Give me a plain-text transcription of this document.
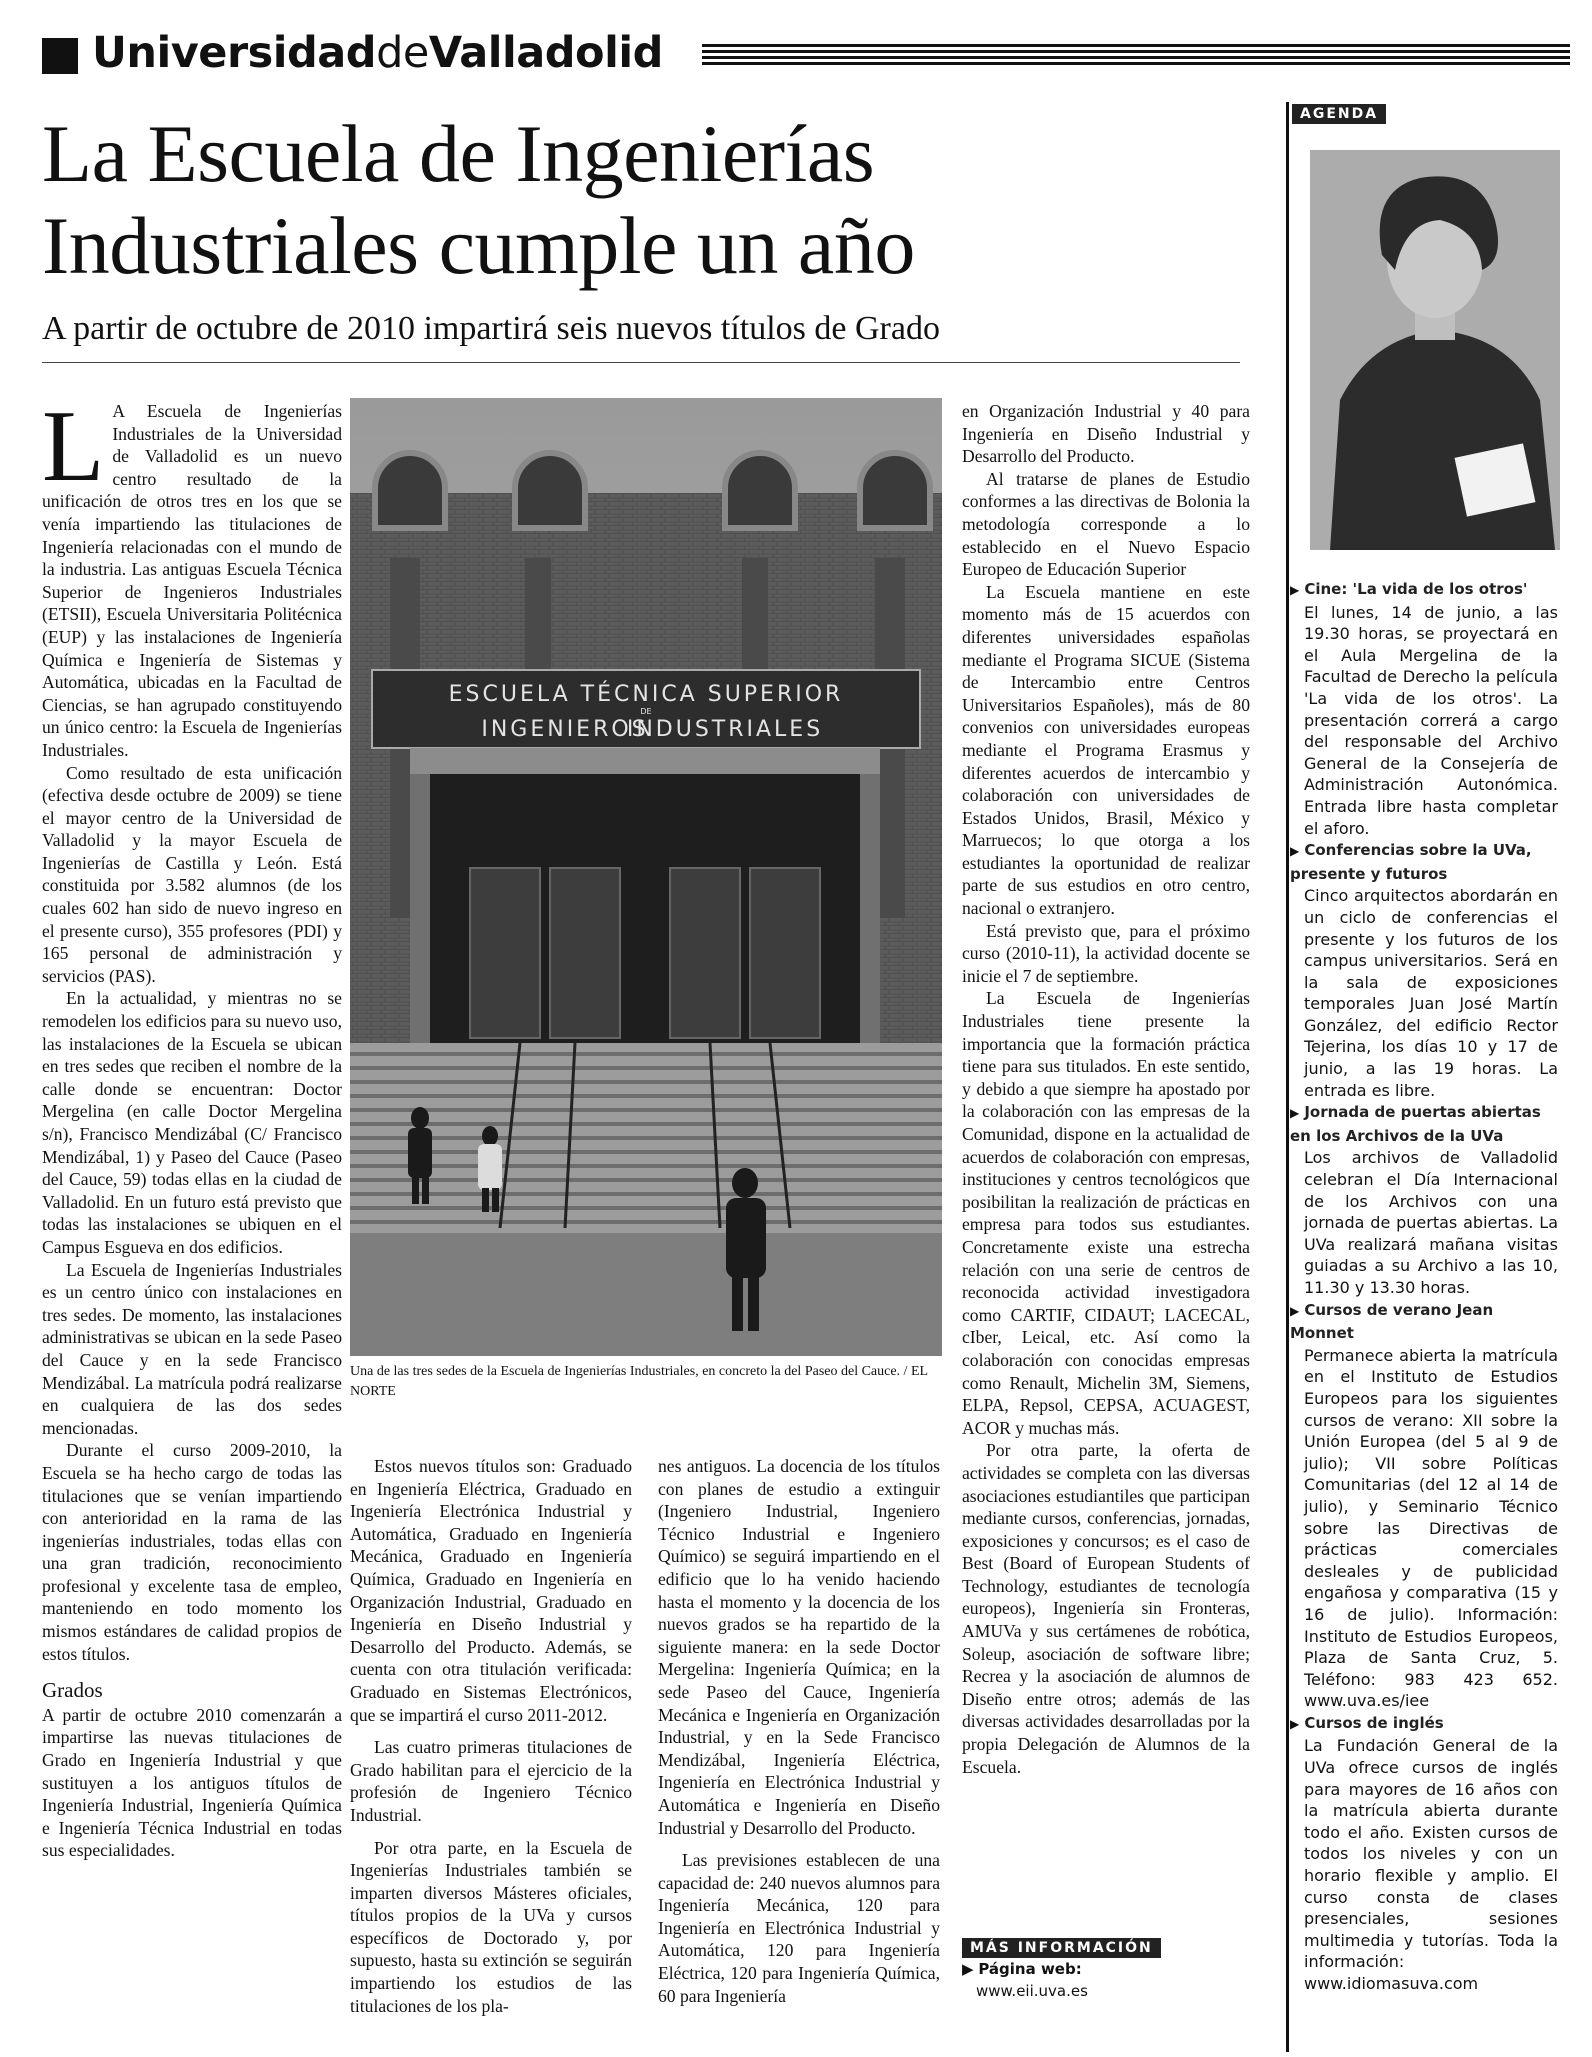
UniversidaddeValladolid
La Escuela de Ingenierías
Industriales cumple un año
A partir de octubre de 2010 impartirá seis nuevos títulos de Grado
L A Escuela de Ingenierías Industriales de la Universidad de Valladolid es un nuevo centro resultado de la unificación de otros tres en los que se venía impartiendo las titulaciones de Ingeniería relacionadas con el mundo de la industria. Las antiguas Escuela Técnica Superior de Ingenieros Industriales (ETSII), Escuela Universitaria Politécnica (EUP) y las instalaciones de Ingeniería Química e Ingeniería de Sistemas y Automática, ubicadas en la Facultad de Ciencias, se han agrupado constituyendo un único centro: la Escuela de Ingenierías Industriales.

Como resultado de esta unificación (efectiva desde octubre de 2009) se tiene el mayor centro de la Universidad de Valladolid y la mayor Escuela de Ingenierías de Castilla y León. Está constituida por 3.582 alumnos (de los cuales 602 han sido de nuevo ingreso en el presente curso), 355 profesores (PDI) y 165 personal de administración y servicios (PAS).

En la actualidad, y mientras no se remodelen los edificios para su nuevo uso, las instalaciones de la Escuela se ubican en tres sedes que reciben el nombre de la calle donde se encuentran: Doctor Mergelina (en calle Doctor Mergelina s/n), Francisco Mendizábal (C/ Francisco Mendizábal, 1) y Paseo del Cauce (Paseo del Cauce, 59) todas ellas en la ciudad de Valladolid. En un futuro está previsto que todas las instalaciones se ubiquen en el Campus Esgueva en dos edificios.

La Escuela de Ingenierías Industriales es un centro único con instalaciones en tres sedes. De momento, las instalaciones administrativas se ubican en la sede Paseo del Cauce y en la sede Francisco Mendizábal. La matrícula podrá realizarse en cualquiera de las dos sedes mencionadas.

Durante el curso 2009-2010, la Escuela se ha hecho cargo de todas las titulaciones que se venían impartiendo con anterioridad en la rama de las ingenierías industriales, todas ellas con una gran tradición, reconocimiento profesional y excelente tasa de empleo, manteniendo en todo momento los mismos estándares de calidad propios de estos títulos.

Grados

A partir de octubre 2010 comenzarán a impartirse las nuevas titulaciones de Grado en Ingeniería Industrial y que sustituyen a los antiguos títulos de Ingeniería Industrial, Ingeniería Química e Ingeniería Técnica Industrial en todas sus especialidades.

ESCUELA TÉCNICA SUPERIOR
DE
INGENIEROS
INDUSTRIALES
Una de las tres sedes de la Escuela de Ingenierías Industriales, en concreto la del Paseo del Cauce. / EL NORTE

Estos nuevos títulos son: Graduado en Ingeniería Eléctrica, Graduado en Ingeniería Electrónica Industrial y Automática, Graduado en Ingeniería Mecánica, Graduado en Ingeniería Química, Graduado en Ingeniería en Organización Industrial, Graduado en Ingeniería en Diseño Industrial y Desarrollo del Producto. Además, se cuenta con otra titulación verificada: Graduado en Sistemas Electrónicos, que se impartirá el curso 2011-2012.

Las cuatro primeras titulaciones de Grado habilitan para el ejercicio de la profesión de Ingeniero Técnico Industrial.

Por otra parte, en la Escuela de Ingenierías Industriales también se imparten diversos Másteres oficiales, títulos propios de la UVa y cursos específicos de Doctorado y, por supuesto, hasta su extinción se seguirán impartiendo los estudios de las titulaciones de los pla-

nes antiguos. La docencia de los títulos con planes de estudio a extinguir (Ingeniero Industrial, Ingeniero Técnico Industrial e Ingeniero Químico) se seguirá impartiendo en el edificio que lo ha venido haciendo hasta el momento y la docencia de los nuevos grados se ha repartido de la siguiente manera: en la sede Doctor Mergelina: Ingeniería Química; en la sede Paseo del Cauce, Ingeniería Mecánica e Ingeniería en Organización Industrial, y en la Sede Francisco Mendizábal, Ingeniería Eléctrica, Ingeniería en Electrónica Industrial y Automática e Ingeniería en Diseño Industrial y Desarrollo del Producto.

Las previsiones establecen de una capacidad de: 240 nuevos alumnos para Ingeniería Mecánica, 120 para Ingeniería en Electrónica Industrial y Automática, 120 para Ingeniería Eléctrica, 120 para Ingeniería Química, 60 para Ingeniería

en Organización Industrial y 40 para Ingeniería en Diseño Industrial y Desarrollo del Producto.

Al tratarse de planes de Estudio conformes a las directivas de Bolonia la metodología corresponde a lo establecido en el Nuevo Espacio Europeo de Educación Superior

La Escuela mantiene en este momento más de 15 acuerdos con diferentes universidades españolas mediante el Programa SICUE (Sistema de Intercambio entre Centros Universitarios Españoles), más de 80 convenios con universidades europeas mediante el Programa Erasmus y diferentes acuerdos de intercambio y colaboración con universidades de Estados Unidos, Brasil, México y Marruecos; lo que otorga a los estudiantes la oportunidad de realizar parte de sus estudios en otro centro, nacional o extranjero.

Está previsto que, para el próximo curso (2010-11), la actividad docente se inicie el 7 de septiembre.

La Escuela de Ingenierías Industriales tiene presente la importancia que la formación práctica tiene para sus titulados. En este sentido, y debido a que siempre ha apostado por la colaboración con las empresas de la Comunidad, dispone en la actualidad de acuerdos de colaboración con empresas, instituciones y centros tecnológicos que posibilitan la realización de prácticas en empresa para todos sus estudiantes. Concretamente existe una estrecha relación con una serie de centros de reconocida actividad investigadora como CARTIF, CIDAUT; LACECAL, cIber, Leical, etc. Así como la colaboración con conocidas empresas como Renault, Michelin 3M, Siemens, ELPA, Repsol, CEPSA, ACUAGEST, ACOR y muchas más.

Por otra parte, la oferta de actividades se completa con las diversas asociaciones estudiantiles que participan mediante cursos, conferencias, jornadas, exposiciones y concursos; es el caso de Best (Board of European Students of Technology, estudiantes de tecnología europeos), Ingeniería sin Fronteras, AMUVa y sus certámenes de robótica, Soleup, asociación de software libre; Recrea y la asociación de alumnos de Diseño entre otros; además de las diversas actividades desarrolladas por la propia Delegación de Alumnos de la Escuela.

MÁS INFORMACIÓN
▶ Página web:
www.eii.uva.es
AGENDA
▶ Cine: 'La vida de los otros'
El lunes, 14 de junio, a las 19.30 horas, se proyectará en el Aula Mergelina de la Facultad de Derecho la película 'La vida de los otros'. La presentación correrá a cargo del responsable del Archivo General de la Consejería de Administración Autonómica. Entrada libre hasta completar el aforo.
▶ Conferencias sobre la UVa, presente y futuros
Cinco arquitectos abordarán en un ciclo de conferencias el presente y los futuros de los campus universitarios. Será en la sala de exposiciones temporales Juan José Martín González, del edificio Rector Tejerina, los días 10 y 17 de junio, a las 19 horas. La entrada es libre.
▶ Jornada de puertas abiertas en los Archivos de la UVa
Los archivos de Valladolid celebran el Día Internacional de los Archivos con una jornada de puertas abiertas. La UVa realizará mañana visitas guiadas a su Archivo a las 10, 11.30 y 13.30 horas.
▶ Cursos de verano Jean Monnet
Permanece abierta la matrícula en el Instituto de Estudios Europeos para los siguientes cursos de verano: XII sobre la Unión Europea (del 5 al 9 de julio); VII sobre Políticas Comunitarias (del 12 al 14 de julio), y Seminario Técnico sobre las Directivas de prácticas comerciales desleales y de publicidad engañosa y comparativa (15 y 16 de julio). Información: Instituto de Estudios Europeos, Plaza de Santa Cruz, 5. Teléfono: 983 423 652. www.uva.es/iee
▶ Cursos de inglés
La Fundación General de la UVa ofrece cursos de inglés para mayores de 16 años con la matrícula abierta durante todo el año. Existen cursos de todos los niveles y con un horario flexible y amplio. El curso consta de clases presenciales, sesiones multimedia y tutorías. Toda la información: www.idiomasuva.com
